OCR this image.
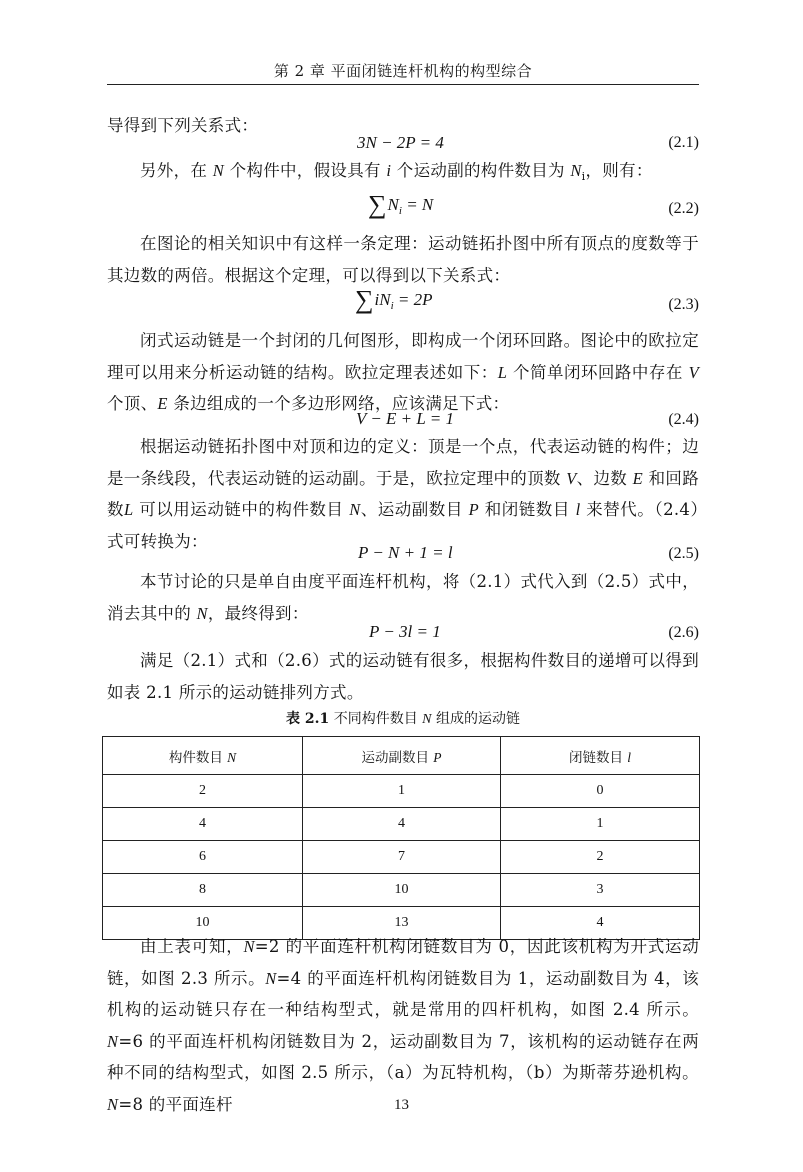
第 2 章 平面闭链连杆机构的构型综合

导得到下列关系式：

3N − 2P = 4	(2.1)

另外，在 N 个构件中，假设具有 i 个运动副的构件数目为 $N_i$，则有：

$\sum N_i = N$	(2.2)

在图论的相关知识中有这样一条定理：运动链拓扑图中所有顶点的度数等于其边数的两倍。根据这个定理，可以得到以下关系式：

$\sum iN_i = 2P$	(2.3)

闭式运动链是一个封闭的几何图形，即构成一个闭环回路。图论中的欧拉定理可以用来分析运动链的结构。欧拉定理表述如下：L 个简单闭环回路中存在 V 个顶、E 条边组成的一个多边形网络，应该满足下式：

V − E + L = 1	(2.4)

根据运动链拓扑图中对顶和边的定义：顶是一个点，代表运动链的构件；边是一条线段，代表运动链的运动副。于是，欧拉定理中的顶数 V、边数 E 和回路数L 可以用运动链中的构件数目 N、运动副数目 P 和闭链数目 l 来替代。（2.4）式可转换为：

P − N + 1 = l	(2.5)

本节讨论的只是单自由度平面连杆机构，将（2.1）式代入到（2.5）式中，消去其中的 N，最终得到：

P − 3l = 1	(2.6)

满足（2.1）式和（2.6）式的运动链有很多，根据构件数目的递增可以得到如表 2.1 所示的运动链排列方式。

表 2.1 不同构件数目 N 组成的运动链
构件数目 N	运动副数目 P	闭链数目 l
2	1	0
4	4	1
6	7	2
8	10	3
10	13	4

由上表可知，N=2 的平面连杆机构闭链数目为 0，因此该机构为开式运动链，如图 2.3 所示。N=4 的平面连杆机构闭链数目为 1，运动副数目为 4，该机构的运动链只存在一种结构型式，就是常用的四杆机构，如图 2.4 所示。N=6 的平面连杆机构闭链数目为 2，运动副数目为 7，该机构的运动链存在两种不同的结构型式，如图 2.5 所示，（a）为瓦特机构，（b）为斯蒂芬逊机构。N=8 的平面连杆	13
